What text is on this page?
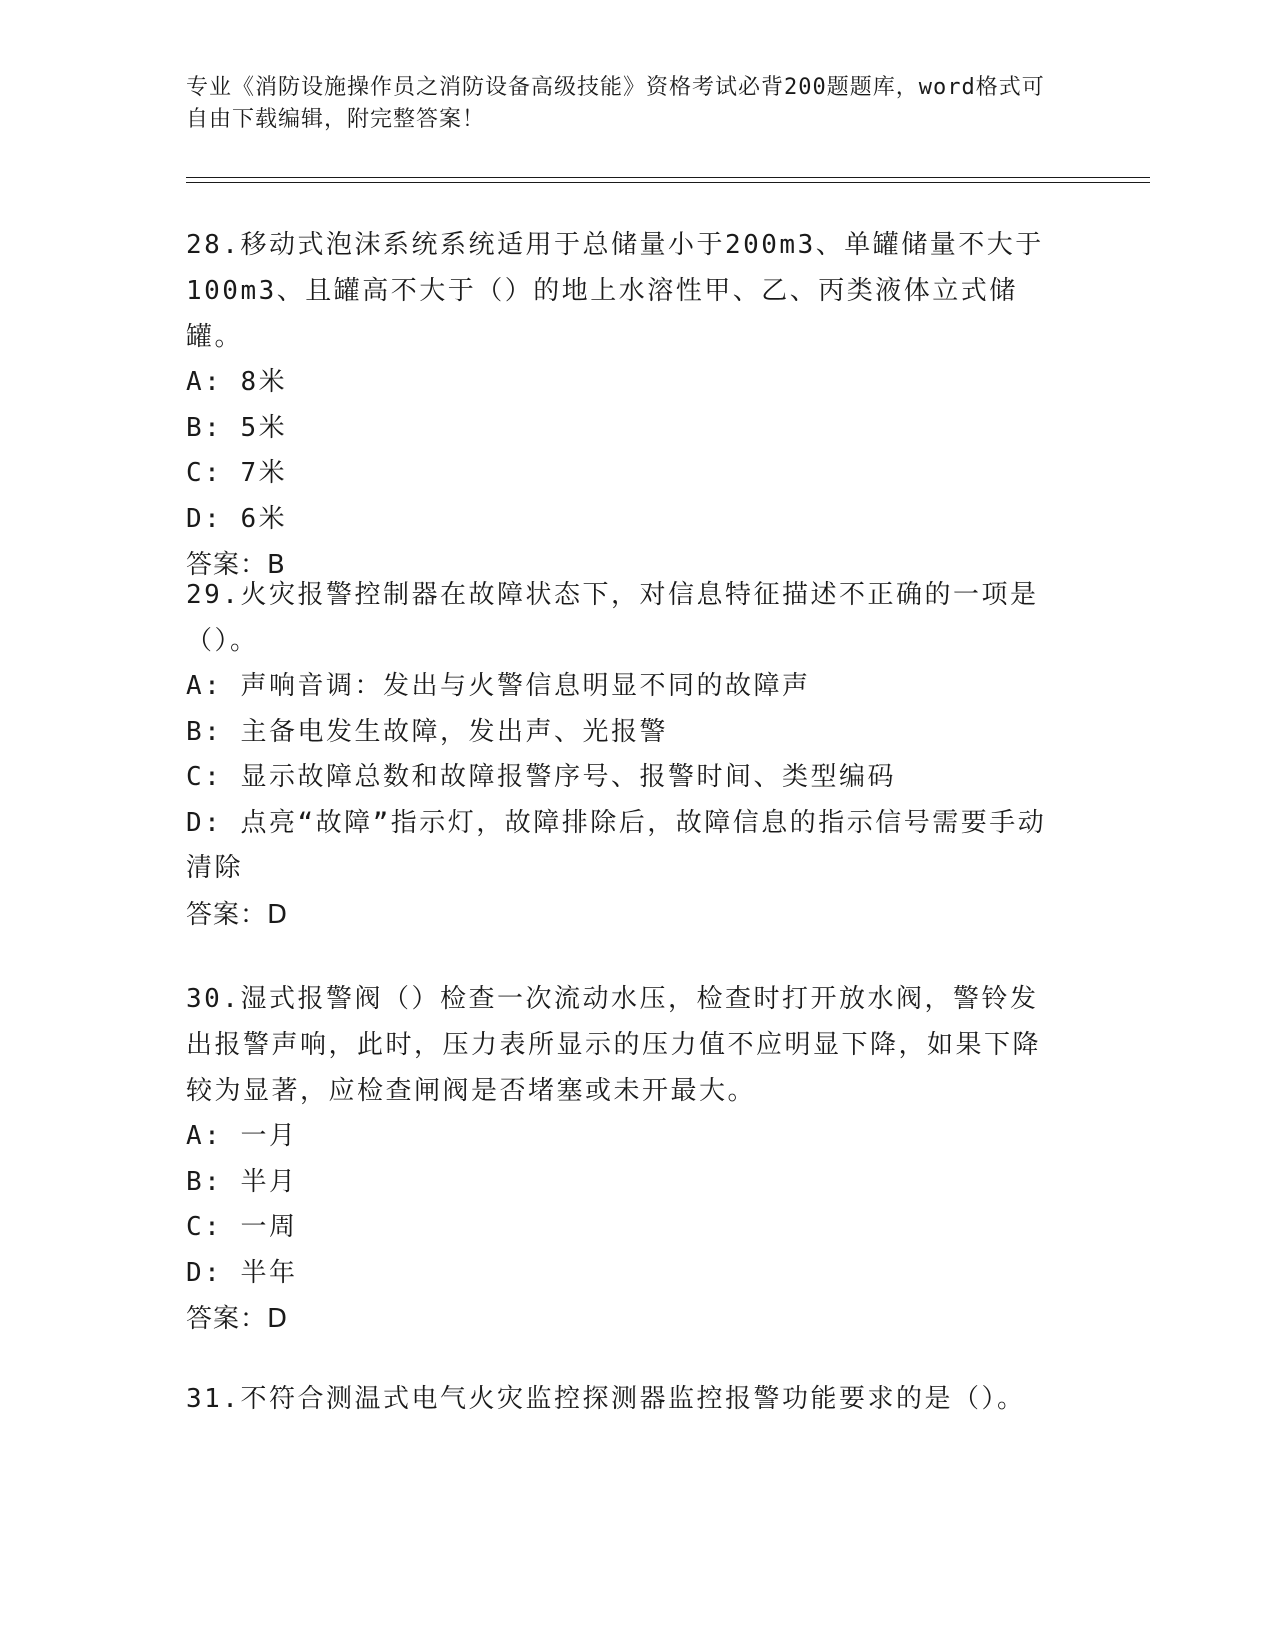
专业《消防设施操作员之消防设备高级技能》资格考试必背200题题库，word格式可自由下载编辑，附完整答案！
28.移动式泡沫系统系统适用于总储量小于200m3、单罐储量不大于100m3、且罐高不大于（）的地上水溶性甲、乙、丙类液体立式储罐。
A: 8米
B: 5米
C: 7米
D: 6米
答案：B
29.火灾报警控制器在故障状态下，对信息特征描述不正确的一项是（）。
A: 声响音调：发出与火警信息明显不同的故障声
B: 主备电发生故障，发出声、光报警
C: 显示故障总数和故障报警序号、报警时间、类型编码
D: 点亮“故障”指示灯，故障排除后，故障信息的指示信号需要手动清除
答案：D
30.湿式报警阀（）检查一次流动水压，检查时打开放水阀，警铃发出报警声响，此时，压力表所显示的压力值不应明显下降，如果下降较为显著，应检查闸阀是否堵塞或未开最大。
A: 一月
B: 半月
C: 一周
D: 半年
答案：D
31.不符合测温式电气火灾监控探测器监控报警功能要求的是（）。
